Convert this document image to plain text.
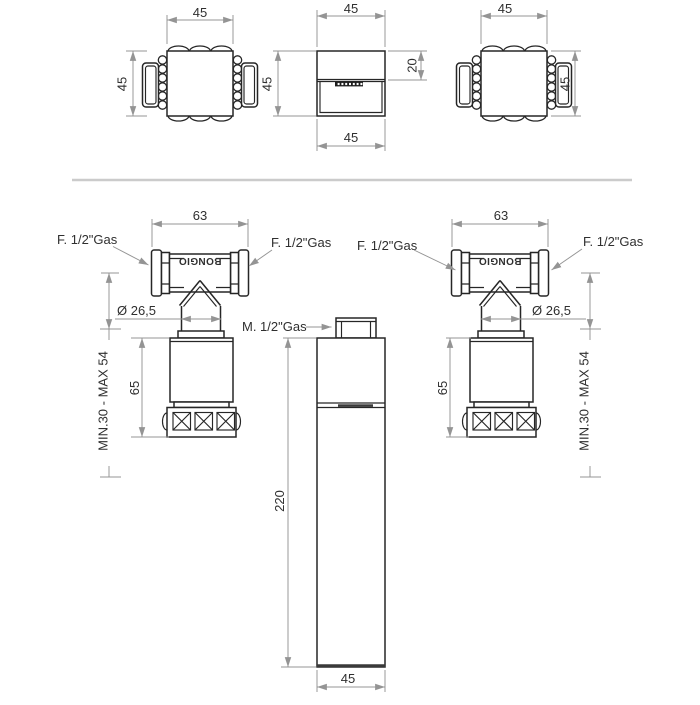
45
45	45
45
20
45
45
45
63
BONGIO
F. 1/2"Gas	F. 1/2"Gas
Ø 26,5
65
MIN.30 - MAX 54
63
BONGIO
F. 1/2"Gas	F. 1/2"Gas
Ø 26,5
65	MIN.30 - MAX 54
M. 1/2"Gas
220
45
